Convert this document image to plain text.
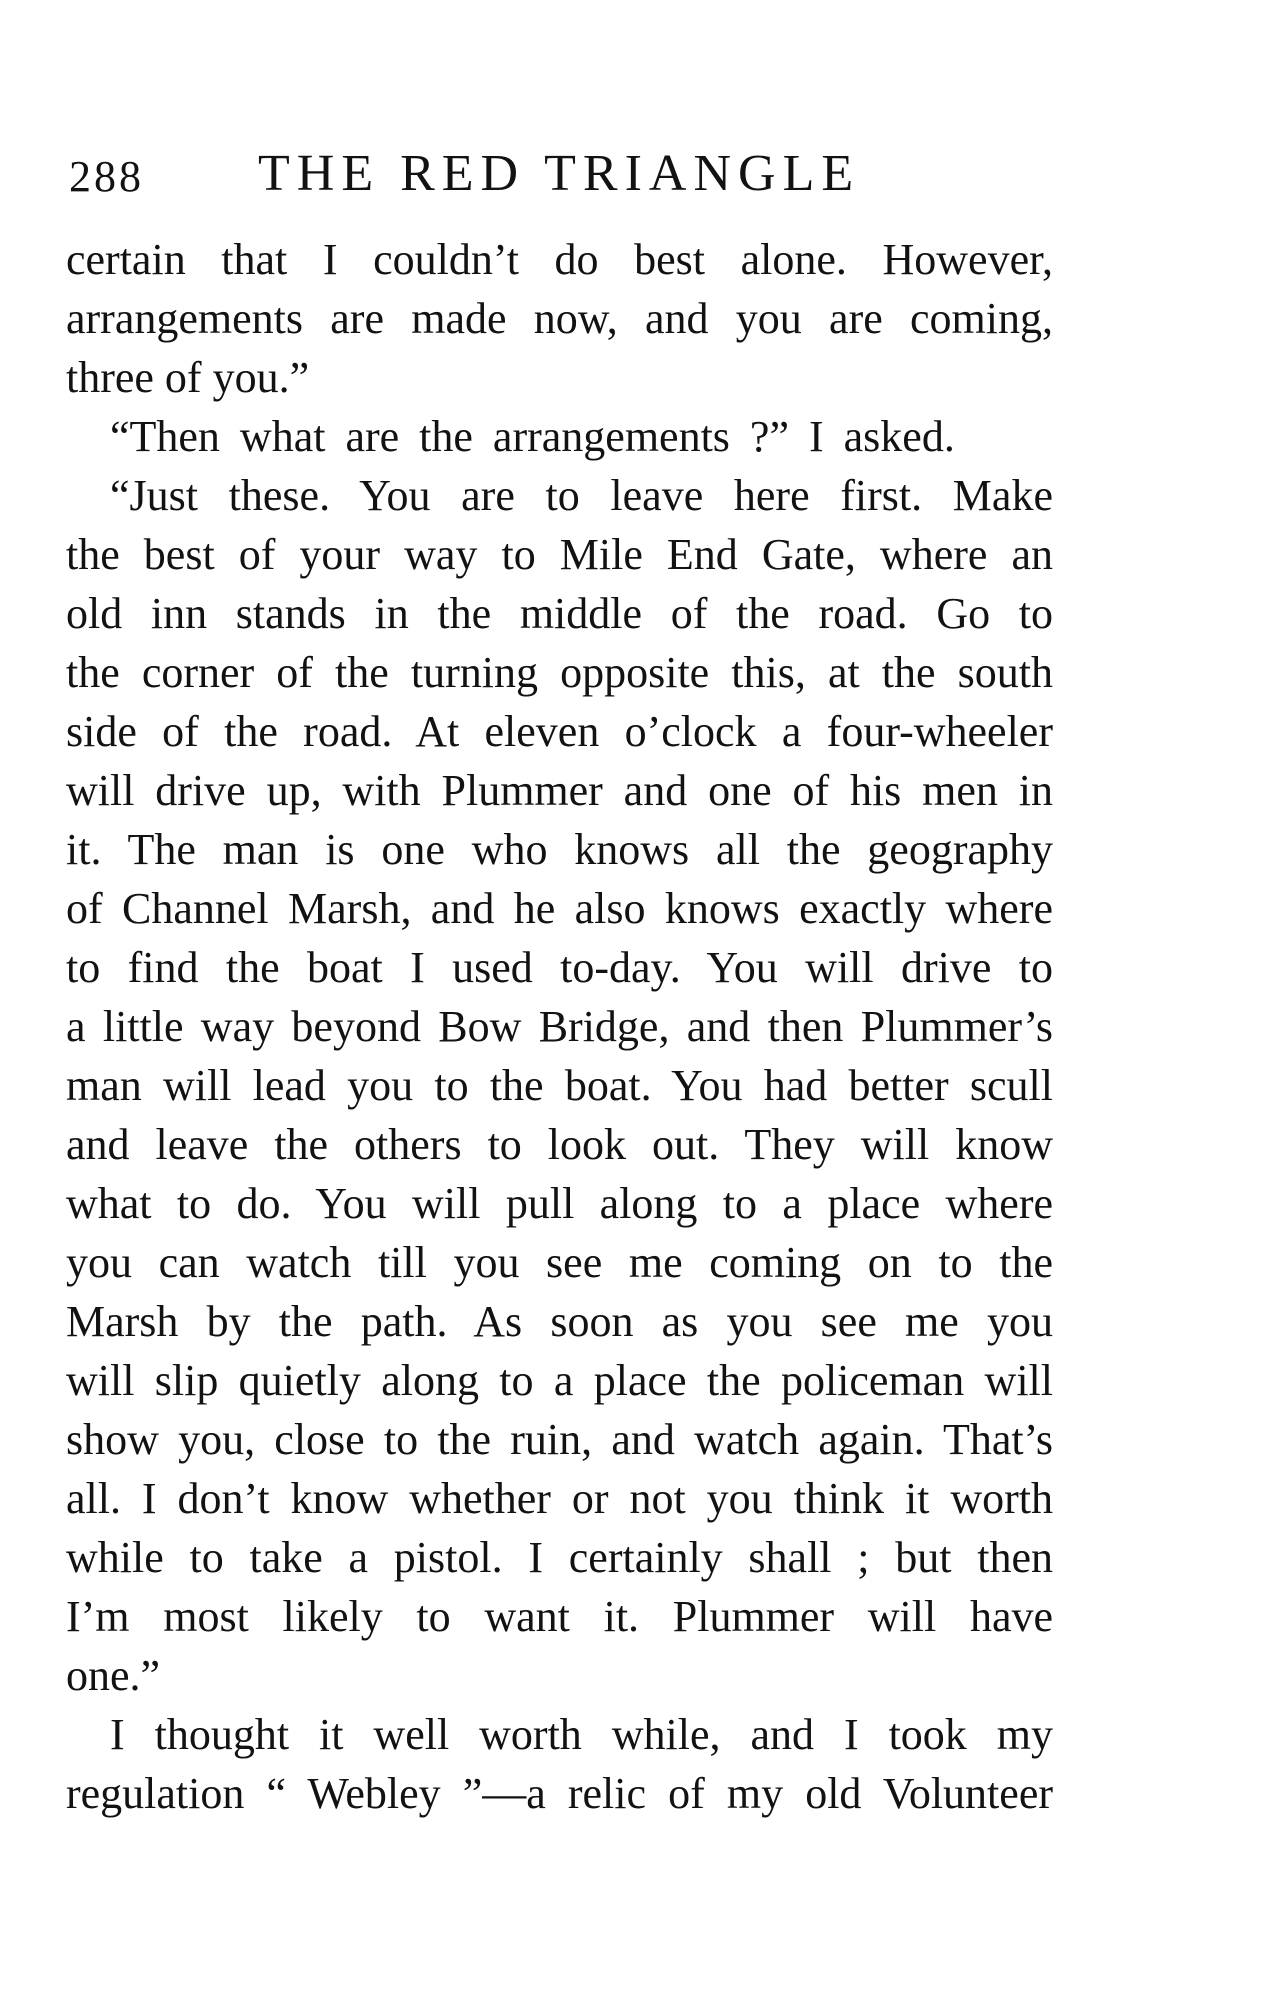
288 THE RED TRIANGLE
certain that I couldn’t do best alone. However,
arrangements are made now, and you are coming,
three of you.”
“Then what are the arrangements ?” I asked.
“Just these. You are to leave here first. Make
the best of your way to Mile End Gate, where an
old inn stands in the middle of the road. Go to
the corner of the turning opposite this, at the south
side of the road. At eleven o’clock a four-wheeler
will drive up, with Plummer and one of his men in
it. The man is one who knows all the geography
of Channel Marsh, and he also knows exactly where
to find the boat I used to-day. You will drive to
a little way beyond Bow Bridge, and then Plummer’s
man will lead you to the boat. You had better scull
and leave the others to look out. They will know
what to do. You will pull along to a place where
you can watch till you see me coming on to the
Marsh by the path. As soon as you see me you
will slip quietly along to a place the policeman will
show you, close to the ruin, and watch again. That’s
all. I don’t know whether or not you think it worth
while to take a pistol. I certainly shall ; but then
I’m most likely to want it. Plummer will have
one.”
I thought it well worth while, and I took my
regulation “ Webley ”—a relic of my old Volunteer
